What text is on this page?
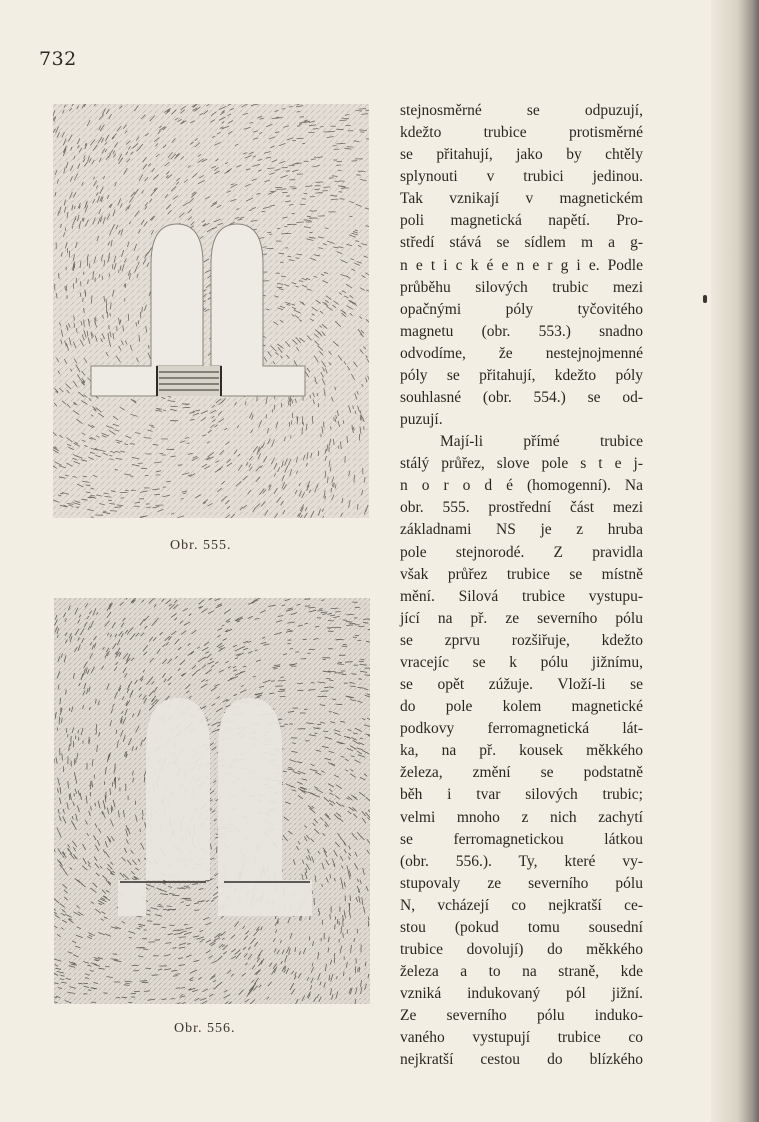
732
Obr. 555.
Obr. 556.
stejnosměrné se odpuzují,
kdežto trubice protisměrné
se přitahují, jako by chtěly
splynouti v trubici jedinou.
Tak vznikají v magnetickém
poli magnetická napětí. Pro-
středí stává se sídlem m a g-
n e t i c k é e n e r g i e. Podle
průběhu silových trubic mezi
opačnými póly tyčovitého
magnetu (obr. 553.) snadno
odvodíme, že nestejnojmenné
póly se přitahují, kdežto póly
souhlasné (obr. 554.) se od-
puzují.
Mají-li přímé trubice
stálý průřez, slove pole s t e j-
n o r o d é (homogenní). Na
obr. 555. prostřední část mezi
základnami NS je z hruba
pole stejnorodé. Z pravidla
však průřez trubice se místně
mění. Silová trubice vystupu-
jící na př. ze severního pólu
se zprvu rozšiřuje, kdežto
vracejíc se k pólu jižnímu,
se opět zúžuje. Vloží-li se
do pole kolem magnetické
podkovy ferromagnetická lát-
ka, na př. kousek měkkého
železa, změní se podstatně
běh i tvar silových trubic;
velmi mnoho z nich zachytí
se ferromagnetickou látkou
(obr. 556.). Ty, které vy-
stupovaly ze severního pólu
N, vcházejí co nejkratší ce-
stou (pokud tomu sousední
trubice dovolují) do měkkého
železa a to na straně, kde
vzniká indukovaný pól jižní.
Ze severního pólu induko-
vaného vystupují trubice co
nejkratší cestou do blízkého
